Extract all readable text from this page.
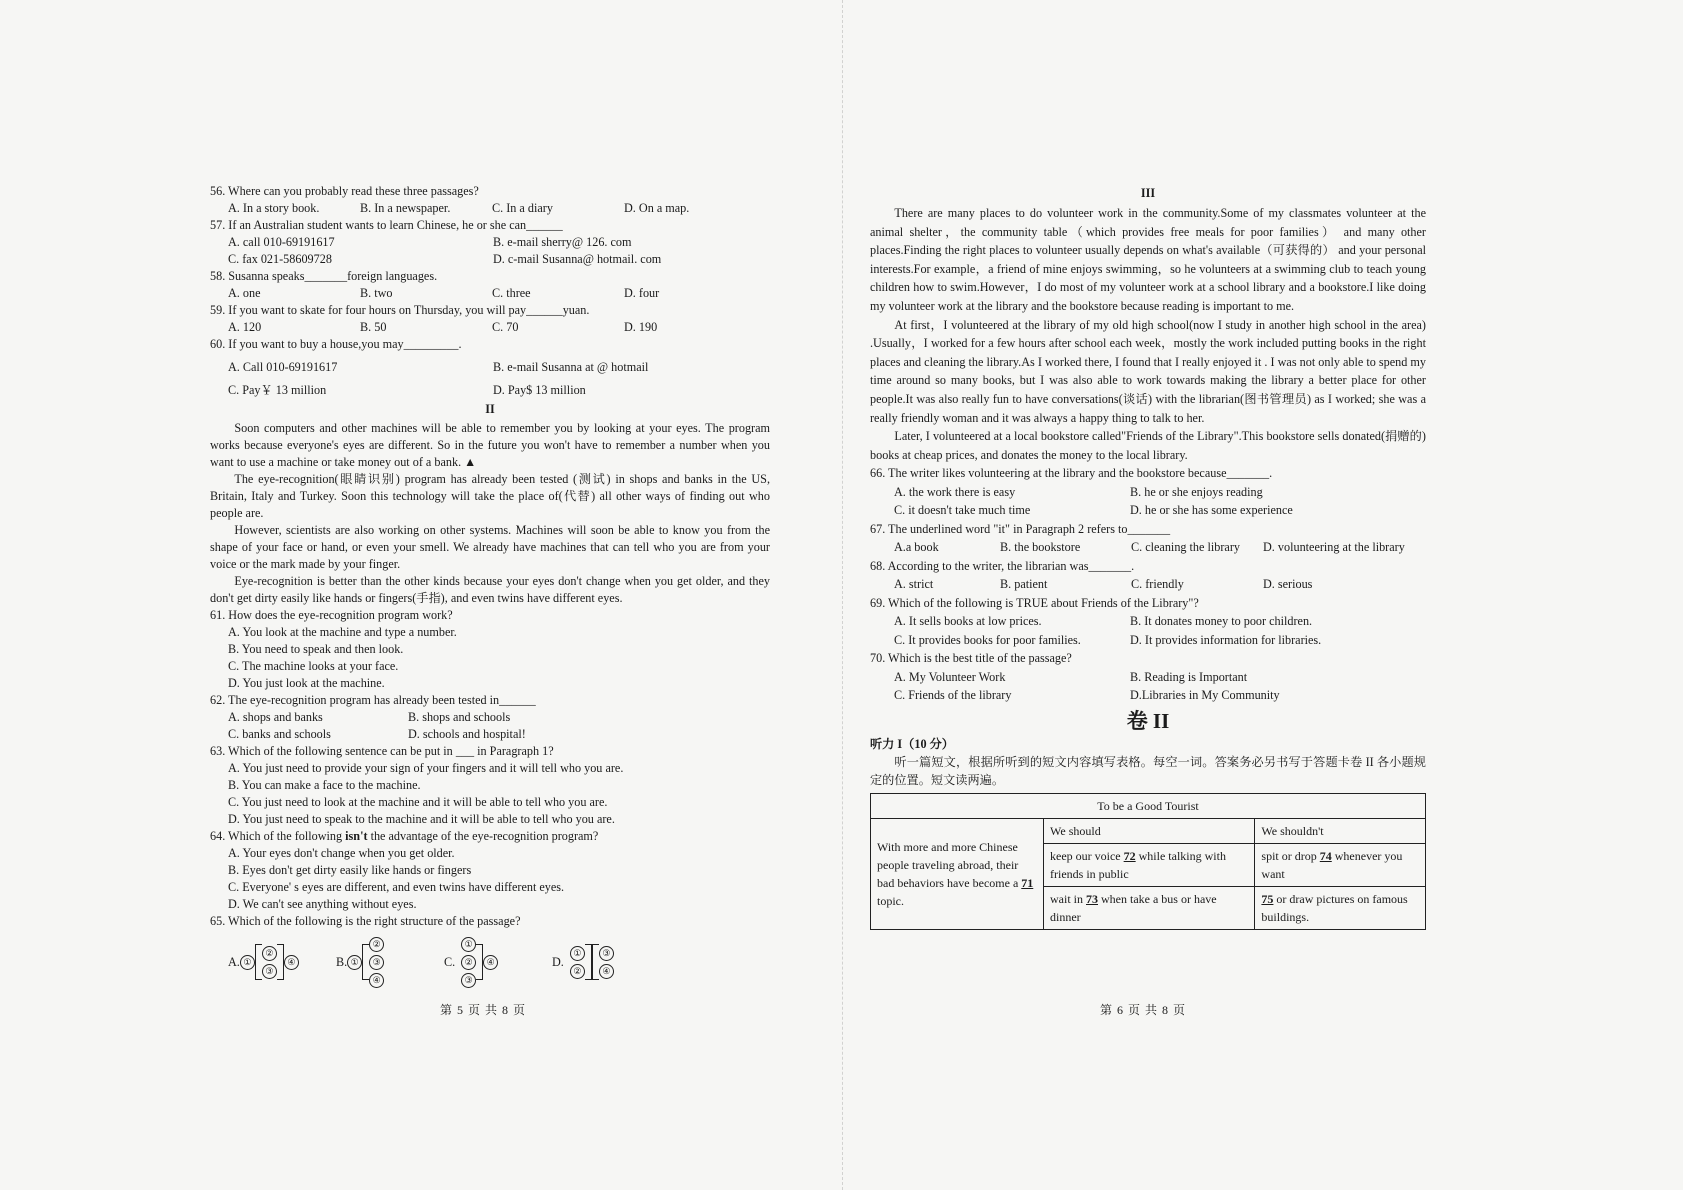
56. Where can you probably read these three passages?

A. In a story book.	B. In a newspaper.	C. In a diary	D. On a map.

57. If an Australian student wants to learn Chinese, he or she can______

A. call 010-69191617	B. e-mail sherry@ 126. com
C. fax 021-58609728	D. c-mail Susanna@ hotmail. com

58. Susanna speaks_______foreign languages.

A. one	B. two	C. three	D. four

59. If you want to skate for four hours on Thursday, you will pay______yuan.

A. 120	B. 50	C. 70	D. 190

60. If you want to buy a house,you may_________.

A. Call 010-69191617	B. e-mail Susanna at @ hotmail
C. Pay￥ 13 million	D. Pay$ 13 million
II

Soon computers and other machines will be able to remember you by looking at your eyes. The program works because everyone's eyes are different. So in the future you won't have to remember a number when you want to use a machine or take money out of a bank. ▲

The eye-recognition(眼睛识别) program has already been tested (测试) in shops and banks in the US, Britain, Italy and Turkey. Soon this technology will take the place of(代替) all other ways of finding out who people are.

However, scientists are also working on other systems. Machines will soon be able to know you from the shape of your face or hand, or even your smell. We already have machines that can tell who you are from your voice or the mark made by your finger.

Eye-recognition is better than the other kinds because your eyes don't change when you get older, and they don't get dirty easily like hands or fingers(手指), and even twins have different eyes.

61. How does the eye-recognition program work?

A. You look at the machine and type a number.
B. You need to speak and then look.
C. The machine looks at your face.
D. You just look at the machine.

62. The eye-recognition program has already been tested in______

A. shops and banks	B. shops and schools
C. banks and schools	D. schools and hospital!

63. Which of the following sentence can be put in ___ in Paragraph 1?

A. You just need to provide your sign of your fingers and it will tell who you are.
B. You can make a face to the machine.
C. You just need to look at the machine and it will be able to tell who you are.
D. You just need to speak to the machine and it will be able to tell who you are.

64. Which of the following isn't the advantage of the eye-recognition program?

A. Your eyes don't change when you get older.
B. Eyes don't get dirty easily like hands or fingers
C. Everyone' s eyes are different, and even twins have different eyes.
D. We can't see anything without eyes.

65. Which of the following is the right structure of the passage?

A. ①
②
③
④	B. ①
②
③
④
C.
①
②
③
④	D.
①
②
③
④
第 5 页 共 8 页
III

There are many places to do volunteer work in the community.Some of my classmates volunteer at the animal shelter，the community table（which provides free meals for poor families） and many other places.Finding the right places to volunteer usually depends on what's available（可获得的） and your personal interests.For example，a friend of mine enjoys swimming，so he volunteers at a swimming club to teach young children how to swim.However，I do most of my volunteer work at a school library and a bookstore.I like doing my volunteer work at the library and the bookstore because reading is important to me.

At first，I volunteered at the library of my old high school(now I study in another high school in the area) .Usually，I worked for a few hours after school each week，mostly the work included putting books in the right places and cleaning the library.As I worked there, I found that I really enjoyed it . I was not only able to spend my time around so many books, but I was also able to work towards making the library a better place for other people.It was also really fun to have conversations(谈话) with the librarian(图书管理员) as I worked; she was a really friendly woman and it was always a happy thing to talk to her.

Later, I volunteered at a local bookstore called"Friends of the Library".This bookstore sells donated(捐赠的) books at cheap prices, and donates the money to the local library.

66. The writer likes volunteering at the library and the bookstore because_______.

A. the work there is easy	B. he or she enjoys reading
C. it doesn't take much time	D. he or she has some experience

67. The underlined word "it" in Paragraph 2 refers to_______

A.a book	B. the bookstore	C. cleaning the library	D. volunteering at the library

68. According to the writer, the librarian was_______.

A. strict	B. patient	C. friendly	D. serious

69. Which of the following is TRUE about Friends of the Library"?

A. It sells books at low prices.	B. It donates money to poor children.
C. It provides books for poor families.	D. It provides information for libraries.

70. Which is the best title of the passage?

A. My Volunteer Work	B. Reading is Important
C. Friends of the library	D.Libraries in My Community
卷 II

听力 I（10 分）

听一篇短文，根据所听到的短文内容填写表格。每空一词。答案务必另书写于答题卡卷 II 各小题规定的位置。短文读两遍。

To be a Good Tourist		
With more and more Chinese people traveling abroad, their bad behaviors have become a 71 topic.	We should	We shouldn't
	keep our voice 72 while talking with friends in public	spit or drop 74 whenever you want
	wait in 73 when take a bus or have dinner	75 or draw pictures on famous buildings.
第 6 页 共 8 页
